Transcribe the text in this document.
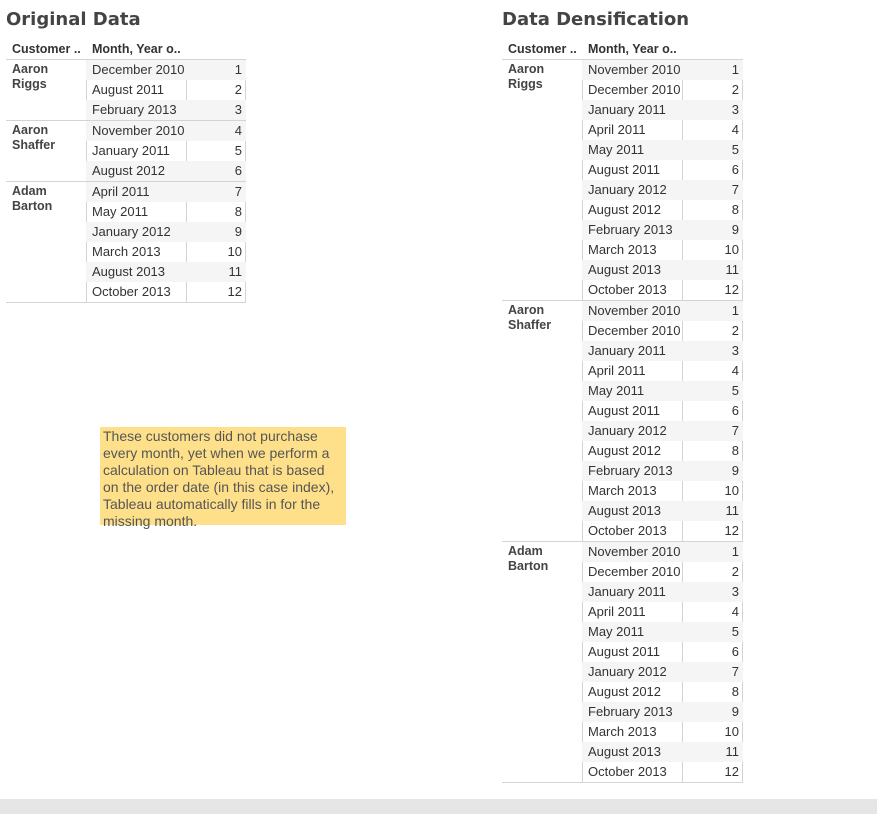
Original Data
Customer .. Month, Year o..
Aaron
Riggs
December 2010	1
August 2011	2
February 2013	3
Aaron
Shaffer
November 2010	4
January 2011	5
August 2012	6
Adam
Barton
April 2011	7
May 2011	8
January 2012	9
March 2013	10
August 2013	11
October 2013	12
These customers did not purchase every month, yet when we perform a calculation on Tableau that is based on the order date (in this case index), Tableau automatically fills in for the missing month.
Data Densification
Customer .. Month, Year o..
Aaron
Riggs
November 2010	1
December 2010	2
January 2011	3
April 2011	4
May 2011	5
August 2011	6
January 2012	7
August 2012	8
February 2013	9
March 2013	10
August 2013	11
October 2013	12
Aaron
Shaffer
November 2010	1
December 2010	2
January 2011	3
April 2011	4
May 2011	5
August 2011	6
January 2012	7
August 2012	8
February 2013	9
March 2013	10
August 2013	11
October 2013	12
Adam
Barton
November 2010	1
December 2010	2
January 2011	3
April 2011	4
May 2011	5
August 2011	6
January 2012	7
August 2012	8
February 2013	9
March 2013	10
August 2013	11
October 2013	12
